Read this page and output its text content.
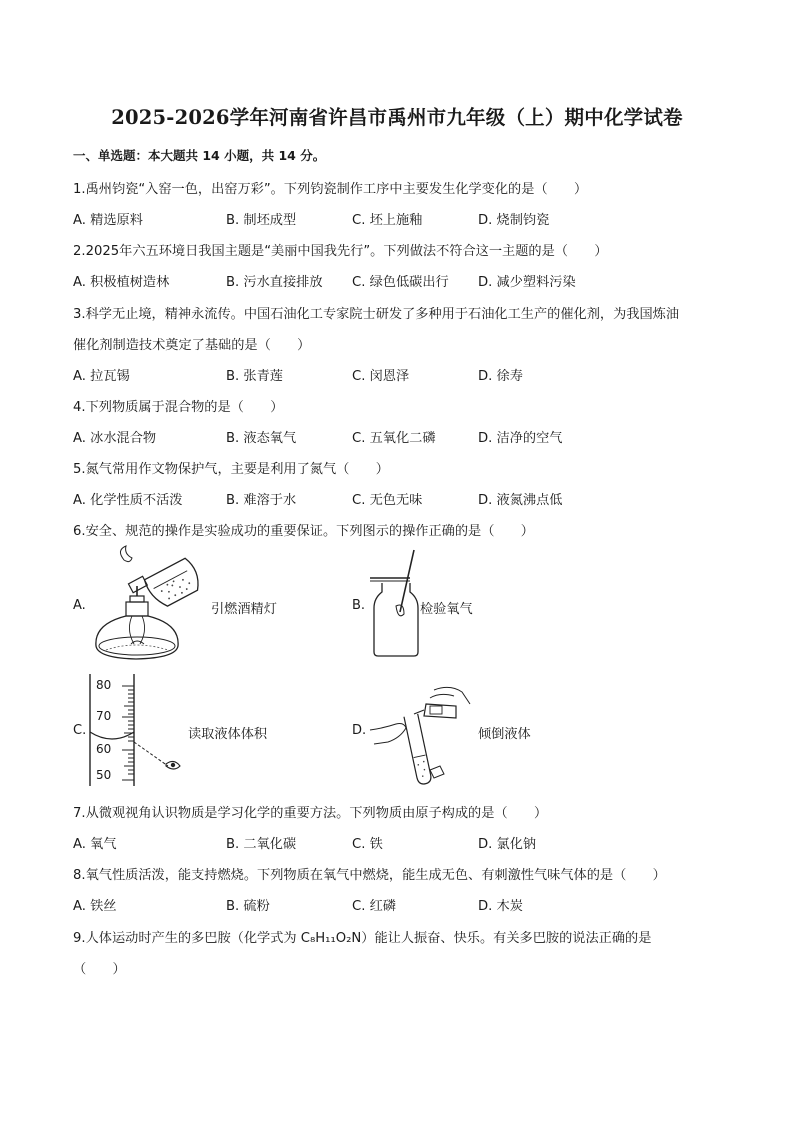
2025-2026学年河南省许昌市禹州市九年级（上）期中化学试卷
一、单选题：本大题共 14 小题，共 14 分。
1.禹州钧瓷“入窑一色，出窑万彩”。下列钧瓷制作工序中主要发生化学变化的是（　　）
A. 精选原料	B. 制坯成型	C. 坯上施釉	D. 烧制钧瓷
2.2025年六五环境日我国主题是“美丽中国我先行”。下列做法不符合这一主题的是（　　）
A. 积极植树造林	B. 污水直接排放 C. 绿色低碳出行 D. 减少塑料污染
3.科学无止境，精神永流传。中国石油化工专家院士研发了多种用于石油化工生产的催化剂，为我国炼油
催化剂制造技术奠定了基础的是（　　）
A. 拉瓦锡	B. 张青莲	C. 闵恩泽	D. 徐寿
4.下列物质属于混合物的是（　　）
A. 冰水混合物	B. 液态氧气	C. 五氧化二磷	D. 洁净的空气
5.氮气常用作文物保护气，主要是利用了氮气（　　）
A. 化学性质不活泼	B. 难溶于水	C. 无色无味	D. 液氮沸点低
6.安全、规范的操作是实验成功的重要保证。下列图示的操作正确的是（　　）
A.	引燃酒精灯	B.	检验氧气
C.
80
70
60
50
读取液体体积	D.	倾倒液体
7.从微观视角认识物质是学习化学的重要方法。下列物质由原子构成的是（　　）
A. 氧气	B. 二氧化碳	C. 铁	D. 氯化钠
8.氧气性质活泼，能支持燃烧。下列物质在氧气中燃烧，能生成无色、有刺激性气味气体的是（　　）
A. 铁丝	B. 硫粉	C. 红磷	D. 木炭
9.人体运动时产生的多巴胺（化学式为 C₈H₁₁O₂N）能让人振奋、快乐。有关多巴胺的说法正确的是
（　　）
